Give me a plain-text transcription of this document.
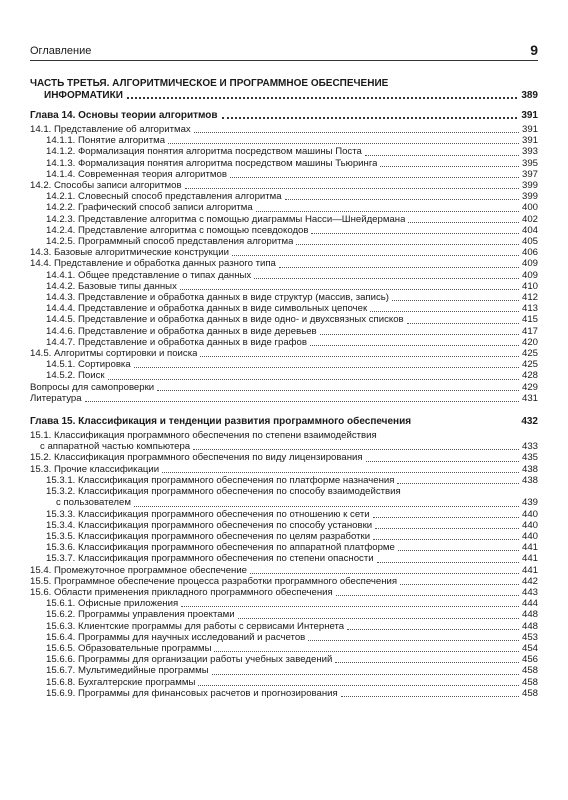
Оглавление	9
ЧАСТЬ ТРЕТЬЯ. АЛГОРИТМИЧЕСКОЕ И ПРОГРАММНОЕ ОБЕСПЕЧЕНИЕ
ИНФОРМАТИКИ	389
Глава 14. Основы теории алгоритмов	391
14.1. Представление об алгоритмах	391
14.1.1. Понятие алгоритма	391
14.1.2. Формализация понятия алгоритма посредством машины Поста	393
14.1.3. Формализация понятия алгоритма посредством машины Тьюринга	395
14.1.4. Современная теория алгоритмов	397
14.2. Способы записи алгоритмов	399
14.2.1. Словесный способ представления алгоритма	399
14.2.2. Графический способ записи алгоритма	400
14.2.3. Представление алгоритма с помощью диаграммы Насси—Шнейдермана	402
14.2.4. Представление алгоритма с помощью псевдокодов	404
14.2.5. Программный способ представления алгоритма	405
14.3. Базовые алгоритмические конструкции	406
14.4. Представление и обработка данных разного типа	409
14.4.1. Общее представление о типах данных	409
14.4.2. Базовые типы данных	410
14.4.3. Представление и обработка данных в виде структур (массив, запись)	412
14.4.4. Представление и обработка данных в виде символьных цепочек	413
14.4.5. Представление и обработка данных в виде одно- и двухсвязных списков	415
14.4.6. Представление и обработка данных в виде деревьев	417
14.4.7. Представление и обработка данных в виде графов	420
14.5. Алгоритмы сортировки и поиска	425
14.5.1. Сортировка	425
14.5.2. Поиск	428
Вопросы для самопроверки	429
Литература	431
Глава 15. Классификация и тенденции развития программного обеспечения	432
15.1. Классификация программного обеспечения по степени взаимодействия
с аппаратной частью компьютера	433
15.2. Классификация программного обеспечения по виду лицензирования	435
15.3. Прочие классификации	438
15.3.1. Классификация программного обеспечения по платформе назначения	438
15.3.2. Классификация программного обеспечения по способу взаимодействия
с пользователем	439
15.3.3. Классификация программного обеспечения по отношению к сети	440
15.3.4. Классификация программного обеспечения по способу установки	440
15.3.5. Классификация программного обеспечения по целям разработки	440
15.3.6. Классификация программного обеспечения по аппаратной платформе	441
15.3.7. Классификация программного обеспечения по степени опасности	441
15.4. Промежуточное программное обеспечение	441
15.5. Программное обеспечение процесса разработки программного обеспечения	442
15.6. Области применения прикладного программного обеспечения	443
15.6.1. Офисные приложения	444
15.6.2. Программы управления проектами	448
15.6.3. Клиентские программы для работы с сервисами Интернета	448
15.6.4. Программы для научных исследований и расчетов	453
15.6.5. Образовательные программы	454
15.6.6. Программы для организации работы учебных заведений	456
15.6.7. Мультимедийные программы	458
15.6.8. Бухгалтерские программы	458
15.6.9. Программы для финансовых расчетов и прогнозирования	458
